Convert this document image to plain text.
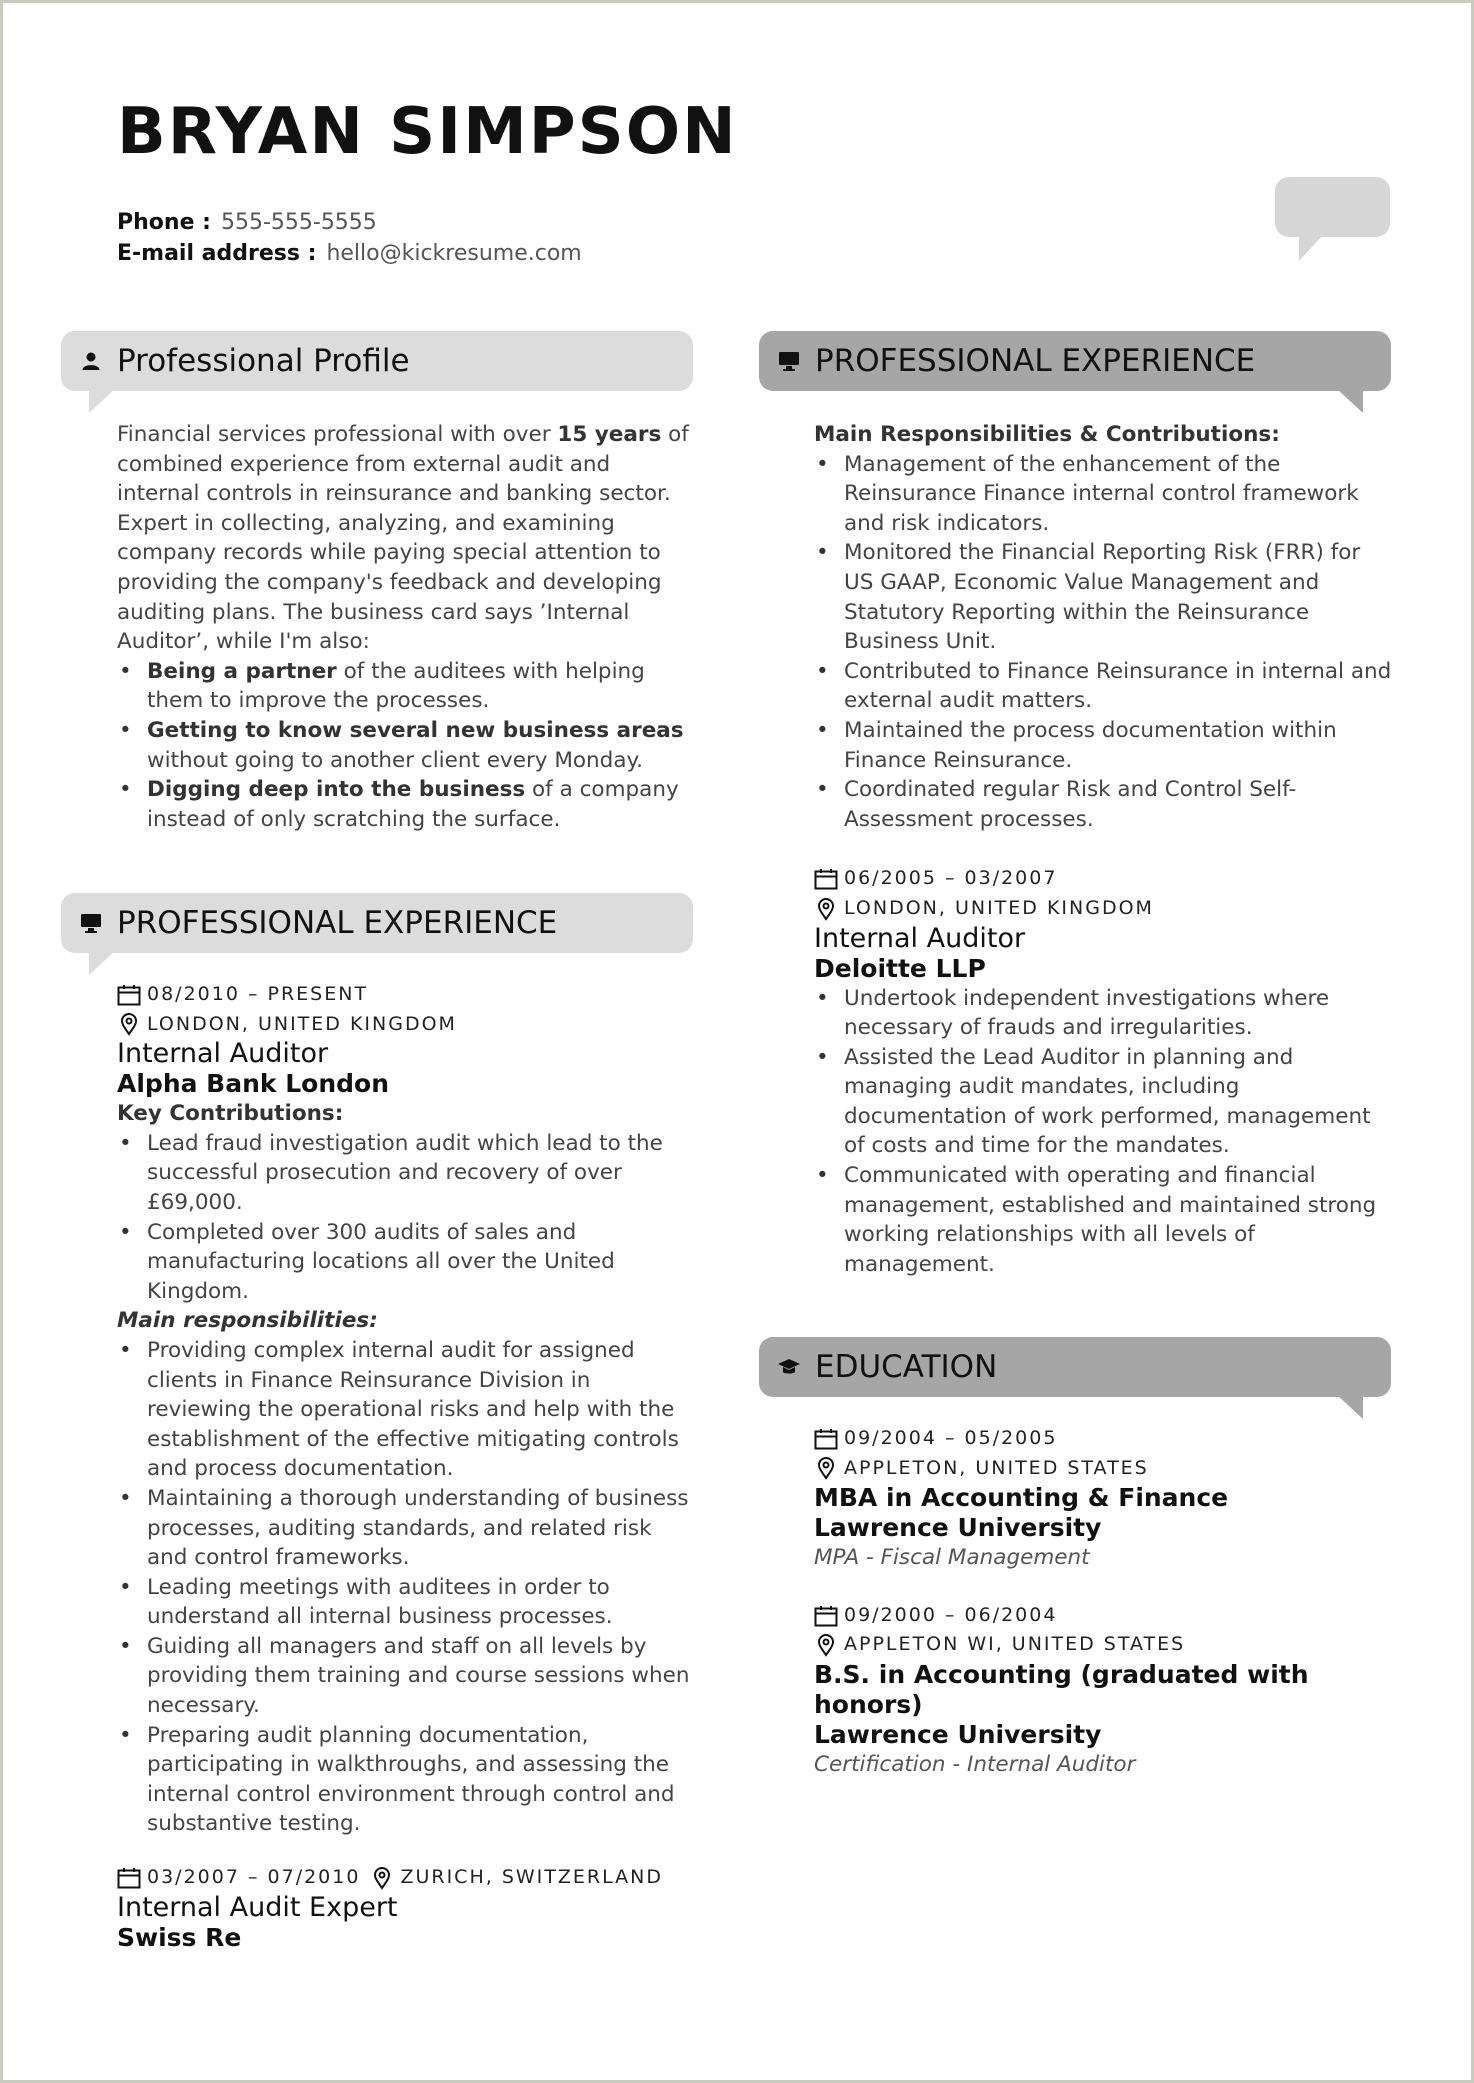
BRYAN SIMPSON
Phone : 555-555-5555
E-mail address : hello@kickresume.com
Professional Profile
Financial services professional with over 15 years of combined experience from external audit and internal controls in reinsurance and banking sector. Expert in collecting, analyzing, and examining company records while paying special attention to providing the company's feedback and developing auditing plans. The business card says ’Internal Auditor’, while I'm also:
• Being a partner of the auditees with helping them to improve the processes.
• Getting to know several new business areas without going to another client every Monday.
• Digging deep into the business of a company instead of only scratching the surface.
PROFESSIONAL EXPERIENCE
08/2010 – PRESENT
LONDON, UNITED KINGDOM
Internal Auditor
Alpha Bank London
Key Contributions:
• Lead fraud investigation audit which lead to the successful prosecution and recovery of over £69,000.
• Completed over 300 audits of sales and manufacturing locations all over the United Kingdom.
Main responsibilities:
• Providing complex internal audit for assigned clients in Finance Reinsurance Division in reviewing the operational risks and help with the establishment of the effective mitigating controls and process documentation.
• Maintaining a thorough understanding of business processes, auditing standards, and related risk and control frameworks.
• Leading meetings with auditees in order to understand all internal business processes.
• Guiding all managers and staff on all levels by providing them training and course sessions when necessary.
• Preparing audit planning documentation, participating in walkthroughs, and assessing the internal control environment through control and substantive testing.
03/2007 – 07/2010 ZURICH, SWITZERLAND
Internal Audit Expert
Swiss Re
PROFESSIONAL EXPERIENCE
Main Responsibilities & Contributions:
• Management of the enhancement of the Reinsurance Finance internal control framework and risk indicators.
• Monitored the Financial Reporting Risk (FRR) for US GAAP, Economic Value Management and Statutory Reporting within the Reinsurance Business Unit.
• Contributed to Finance Reinsurance in internal and external audit matters.
• Maintained the process documentation within Finance Reinsurance.
• Coordinated regular Risk and Control Self-Assessment processes.
06/2005 – 03/2007
LONDON, UNITED KINGDOM
Internal Auditor
Deloitte LLP
• Undertook independent investigations where necessary of frauds and irregularities.
• Assisted the Lead Auditor in planning and managing audit mandates, including documentation of work performed, management of costs and time for the mandates.
• Communicated with operating and financial management, established and maintained strong working relationships with all levels of management.
EDUCATION
09/2004 – 05/2005
APPLETON, UNITED STATES
MBA in Accounting & Finance
Lawrence University
MPA - Fiscal Management
09/2000 – 06/2004
APPLETON WI, UNITED STATES
B.S. in Accounting (graduated with honors)
Lawrence University
Certification - Internal Auditor
